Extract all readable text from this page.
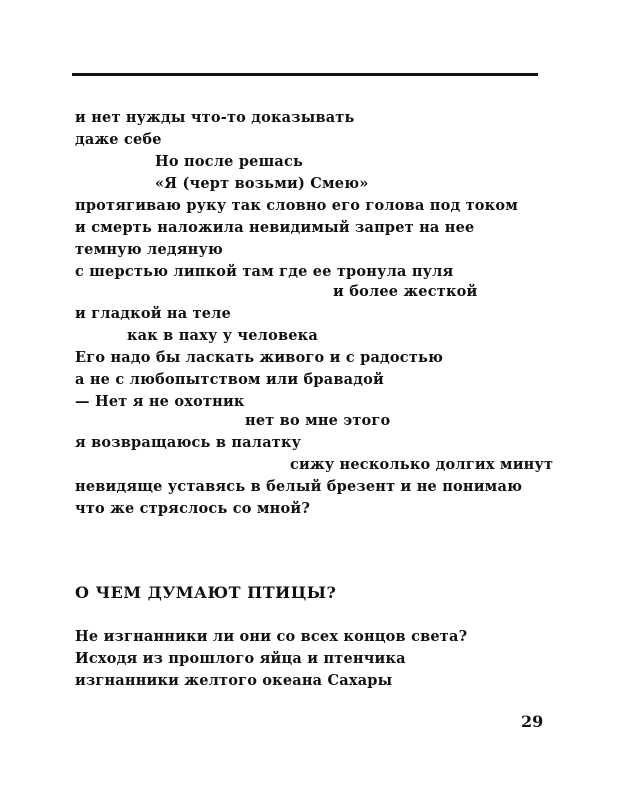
и нет нужды что-то доказывать
даже себе
Но после решась
«Я (черт возьми) Смею»
протягиваю руку так словно его голова под током
и смерть наложила невидимый запрет на нее
темную ледяную
с шерстью липкой там где ее тронула пуля
и более жесткой
и гладкой на теле
как в паху у человека
Его надо бы ласкать живого и с радостью
а не с любопытством или бравадой
— Нет я не охотник
нет во мне этого
я возвращаюсь в палатку
сижу несколько долгих минут
невидяще уставясь в белый брезент и не понимаю
что же стряслось со мной?
О ЧЕМ ДУМАЮТ ПТИЦЫ?
Не изгнанники ли они со всех концов света?
Исходя из прошлого яйца и птенчика
изгнанники желтого океана Сахары
29
